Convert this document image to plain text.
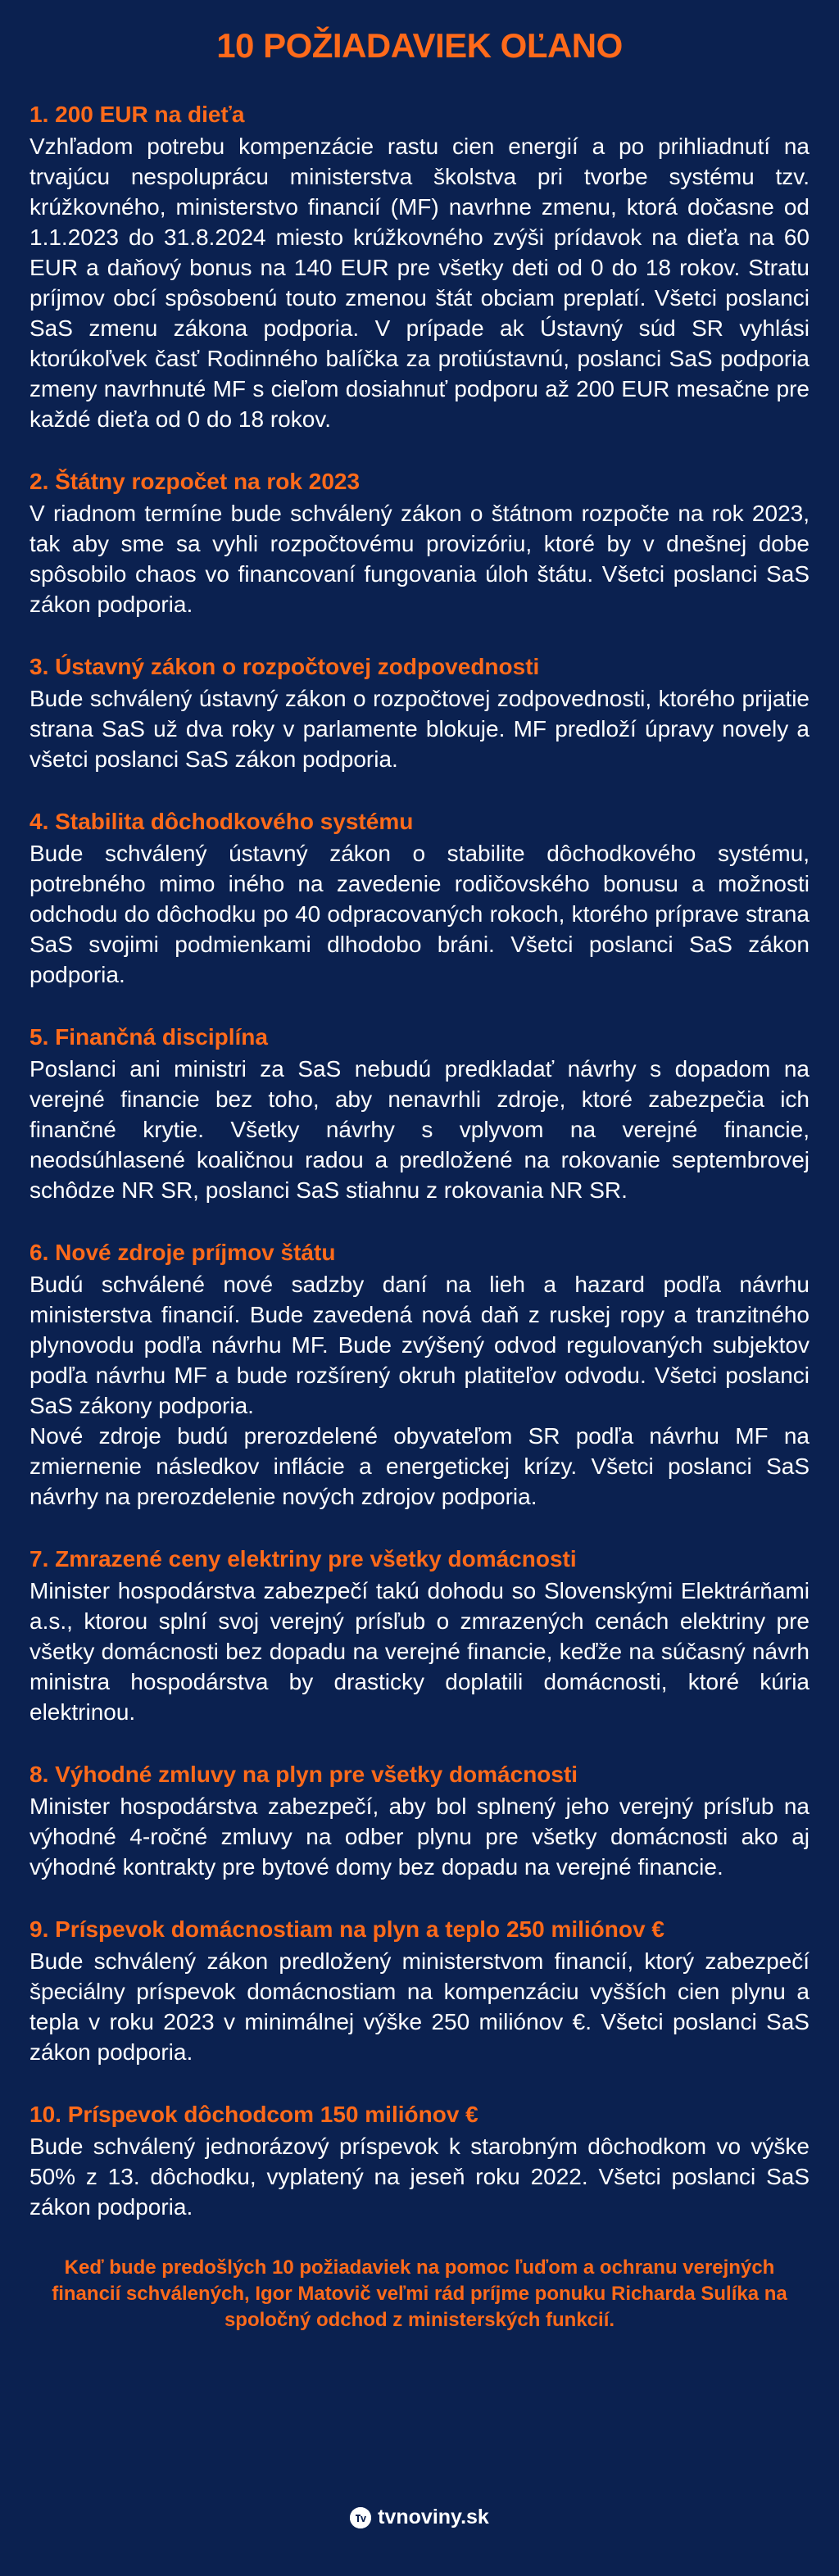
10 POŽIADAVIEK OĽANO
1. 200 EUR na dieťa

Vzhľadom potrebu kompenzácie rastu cien energií a po prihliadnutí na trvajúcu nespoluprácu ministerstva školstva pri tvorbe systému tzv. krúžkovného, ministerstvo financií (MF) navrhne zmenu, ktorá dočasne od 1.1.2023 do 31.8.2024 miesto krúžkovného zvýši prídavok na dieťa na 60 EUR a daňový bonus na 140 EUR pre všetky deti od 0 do 18 rokov. Stratu príjmov obcí spôsobenú touto zmenou štát obciam preplatí. Všetci poslanci SaS zmenu zákona podporia. V prípade ak Ústavný súd SR vyhlási ktorúkoľvek časť Rodinného balíčka za protiústavnú, poslanci SaS podporia zmeny navrhnuté MF s cieľom dosiahnuť podporu až 200 EUR mesačne pre každé dieťa od 0 do 18 rokov.

2. Štátny rozpočet na rok 2023

V riadnom termíne bude schválený zákon o štátnom rozpočte na rok 2023, tak aby sme sa vyhli rozpočtovému provizóriu, ktoré by v dnešnej dobe spôsobilo chaos vo financovaní fungovania úloh štátu. Všetci poslanci SaS zákon podporia.

3. Ústavný zákon o rozpočtovej zodpovednosti

Bude schválený ústavný zákon o rozpočtovej zodpovednosti, ktorého prijatie strana SaS už dva roky v parlamente blokuje. MF predloží úpravy novely a všetci poslanci SaS zákon podporia.

4. Stabilita dôchodkového systému

Bude schválený ústavný zákon o stabilite dôchodkového systému, potrebného mimo iného na zavedenie rodičovského bonusu a možnosti odchodu do dôchodku po 40 odpracovaných rokoch, ktorého príprave strana SaS svojimi podmienkami dlhodobo bráni. Všetci poslanci SaS zákon podporia.

5. Finančná disciplína

Poslanci ani ministri za SaS nebudú predkladať návrhy s dopadom na verejné financie bez toho, aby nenavrhli zdroje, ktoré zabezpečia ich finančné krytie. Všetky návrhy s vplyvom na verejné financie, neodsúhlasené koaličnou radou a predložené na rokovanie septembrovej schôdze NR SR, poslanci SaS stiahnu z rokovania NR SR.

6. Nové zdroje príjmov štátu

Budú schválené nové sadzby daní na lieh a hazard podľa návrhu ministerstva financií. Bude zavedená nová daň z ruskej ropy a tranzitného plynovodu podľa návrhu MF. Bude zvýšený odvod regulovaných subjektov podľa návrhu MF a bude rozšírený okruh platiteľov odvodu. Všetci poslanci SaS zákony podporia.

Nové zdroje budú prerozdelené obyvateľom SR podľa návrhu MF na zmiernenie následkov inflácie a energetickej krízy. Všetci poslanci SaS návrhy na prerozdelenie nových zdrojov podporia.

7. Zmrazené ceny elektriny pre všetky domácnosti

Minister hospodárstva zabezpečí takú dohodu so Slovenskými Elektrárňami a.s., ktorou splní svoj verejný prísľub o zmrazených cenách elektriny pre všetky domácnosti bez dopadu na verejné financie, keďže na súčasný návrh ministra hospodárstva by drasticky doplatili domácnosti, ktoré kúria elektrinou.

8. Výhodné zmluvy na plyn pre všetky domácnosti

Minister hospodárstva zabezpečí, aby bol splnený jeho verejný prísľub na výhodné 4-ročné zmluvy na odber plynu pre všetky domácnosti ako aj výhodné kontrakty pre bytové domy bez dopadu na verejné financie.

9. Príspevok domácnostiam na plyn a teplo 250 miliónov €

Bude schválený zákon predložený ministerstvom financií, ktorý zabezpečí špeciálny príspevok domácnostiam na kompenzáciu vyšších cien plynu a tepla v roku 2023 v minimálnej výške 250 miliónov €. Všetci poslanci SaS zákon podporia.

10. Príspevok dôchodcom 150 miliónov €

Bude schválený jednorázový príspevok k starobným dôchodkom vo výške 50% z 13. dôchodku, vyplatený na jeseň roku 2022. Všetci poslanci SaS zákon podporia.

Keď bude predošlých 10 požiadaviek na pomoc ľuďom a ochranu verejných financií schválených, Igor Matovič veľmi rád príjme ponuku Richarda Sulíka na spoločný odchod z ministerských funkcií.

tvnoviny.sk
